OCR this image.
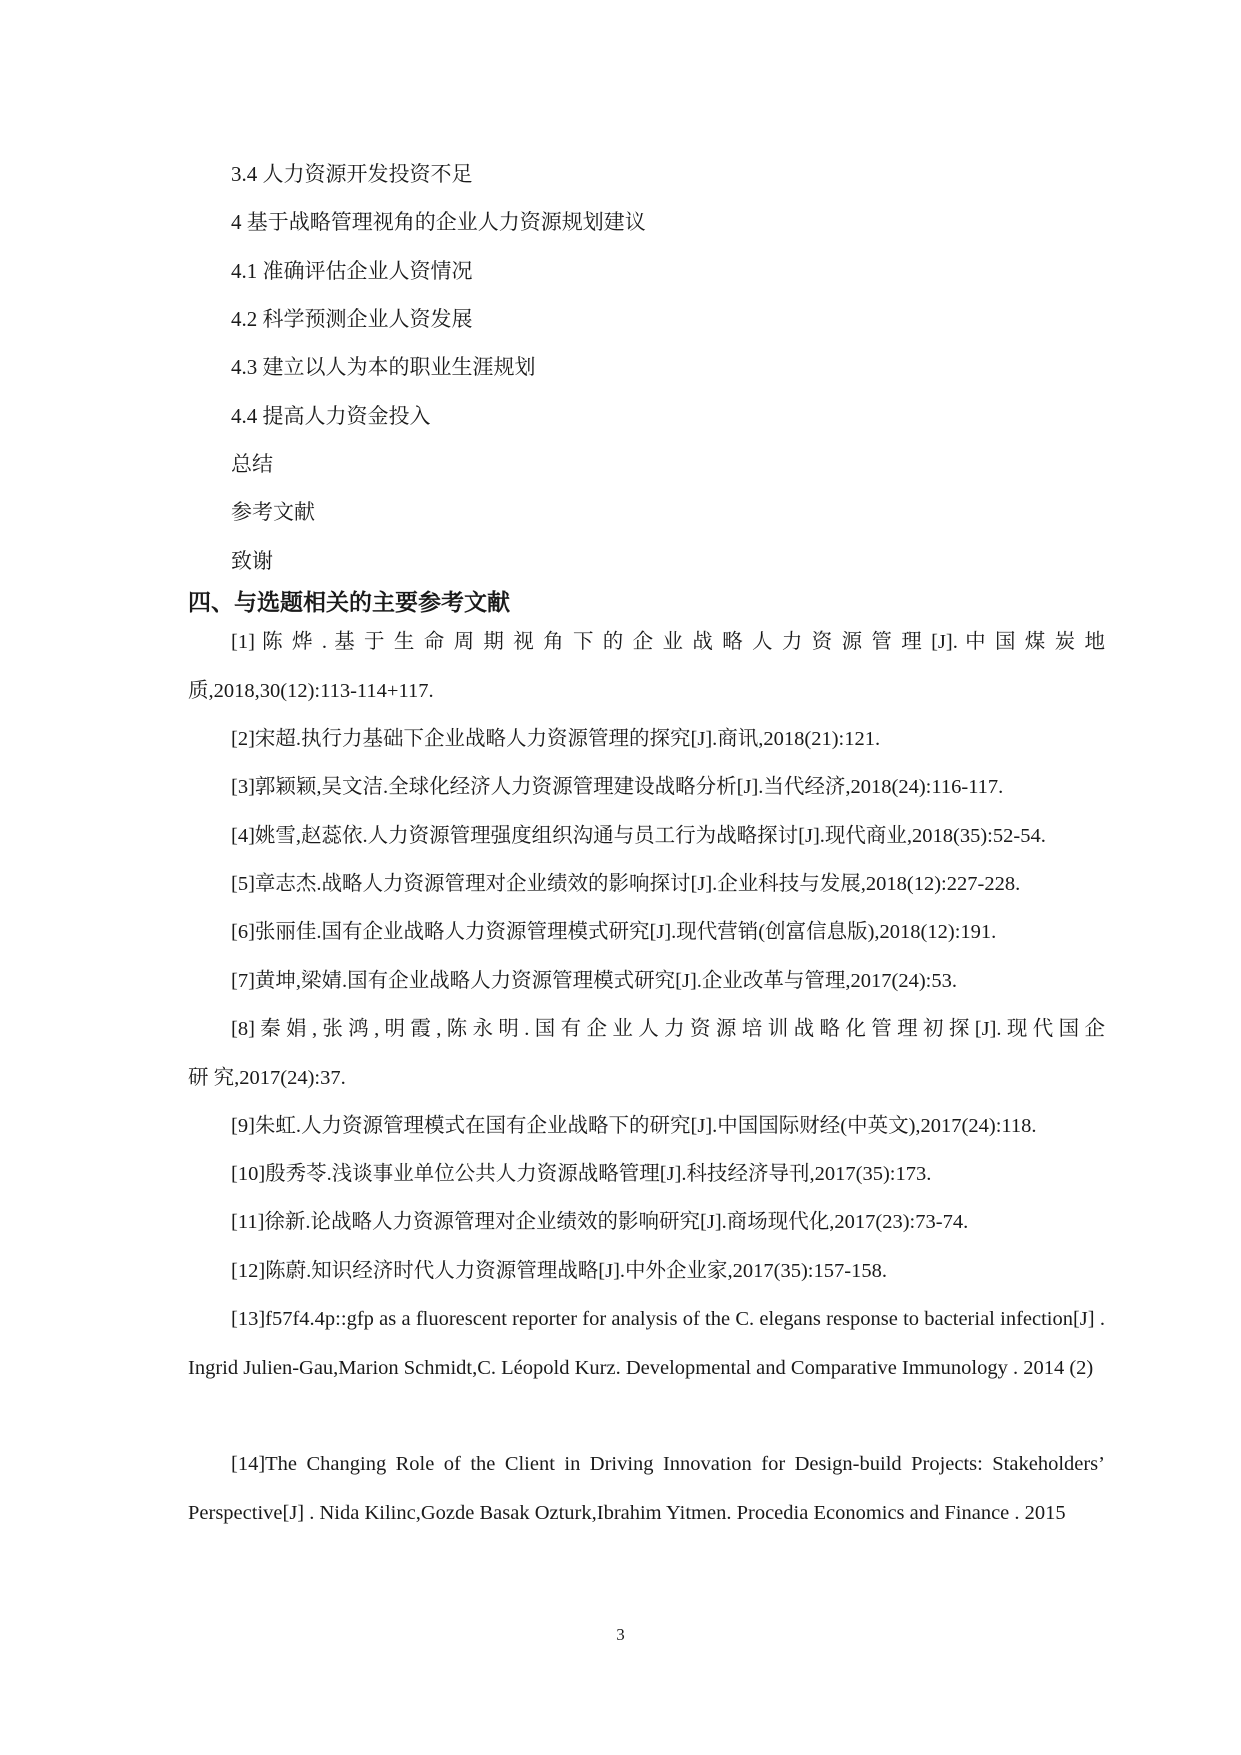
3.4 人力资源开发投资不足
4 基于战略管理视角的企业人力资源规划建议
4.1 准确评估企业人资情况
4.2 科学预测企业人资发展
4.3 建立以人为本的职业生涯规划
4.4 提高人力资金投入
总结
参考文献
致谢
四、与选题相关的主要参考文献
[1] 陈 烨 . 基 于 生 命 周 期 视 角 下 的 企 业 战 略 人 力 资 源 管 理 [J]. 中 国 煤 炭 地 质,2018,30(12):113-114+117.
[2]宋超.执行力基础下企业战略人力资源管理的探究[J].商讯,2018(21):121.
[3]郭颖颖,吴文洁.全球化经济人力资源管理建设战略分析[J].当代经济,2018(24):116-117.
[4]姚雪,赵蕊依.人力资源管理强度组织沟通与员工行为战略探讨[J].现代商业,2018(35):52-54.
[5]章志杰.战略人力资源管理对企业绩效的影响探讨[J].企业科技与发展,2018(12):227-228.
[6]张丽佳.国有企业战略人力资源管理模式研究[J].现代营销(创富信息版),2018(12):191.
[7]黄坤,梁婧.国有企业战略人力资源管理模式研究[J].企业改革与管理,2017(24):53.
[8] 秦 娟 , 张 鸿 , 明 霞 , 陈 永 明 . 国 有 企 业 人 力 资 源 培 训 战 略 化 管 理 初 探 [J]. 现 代 国 企 研 究,2017(24):37.
[9]朱虹.人力资源管理模式在国有企业战略下的研究[J].中国国际财经(中英文),2017(24):118.
[10]殷秀苓.浅谈事业单位公共人力资源战略管理[J].科技经济导刊,2017(35):173.
[11]徐新.论战略人力资源管理对企业绩效的影响研究[J].商场现代化,2017(23):73-74.
[12]陈蔚.知识经济时代人力资源管理战略[J].中外企业家,2017(35):157-158.
[13]f57f4.4p::gfp as a fluorescent reporter for analysis of the C. elegans response to bacterial infection[J] . Ingrid Julien-Gau,Marion Schmidt,C. Léopold Kurz. Developmental and Comparative Immunology . 2014 (2)
[14]The Changing Role of the Client in Driving Innovation for Design-build Projects: Stakeholders’ Perspective[J] . Nida Kilinc,Gozde Basak Ozturk,Ibrahim Yitmen. Procedia Economics and Finance . 2015
3
